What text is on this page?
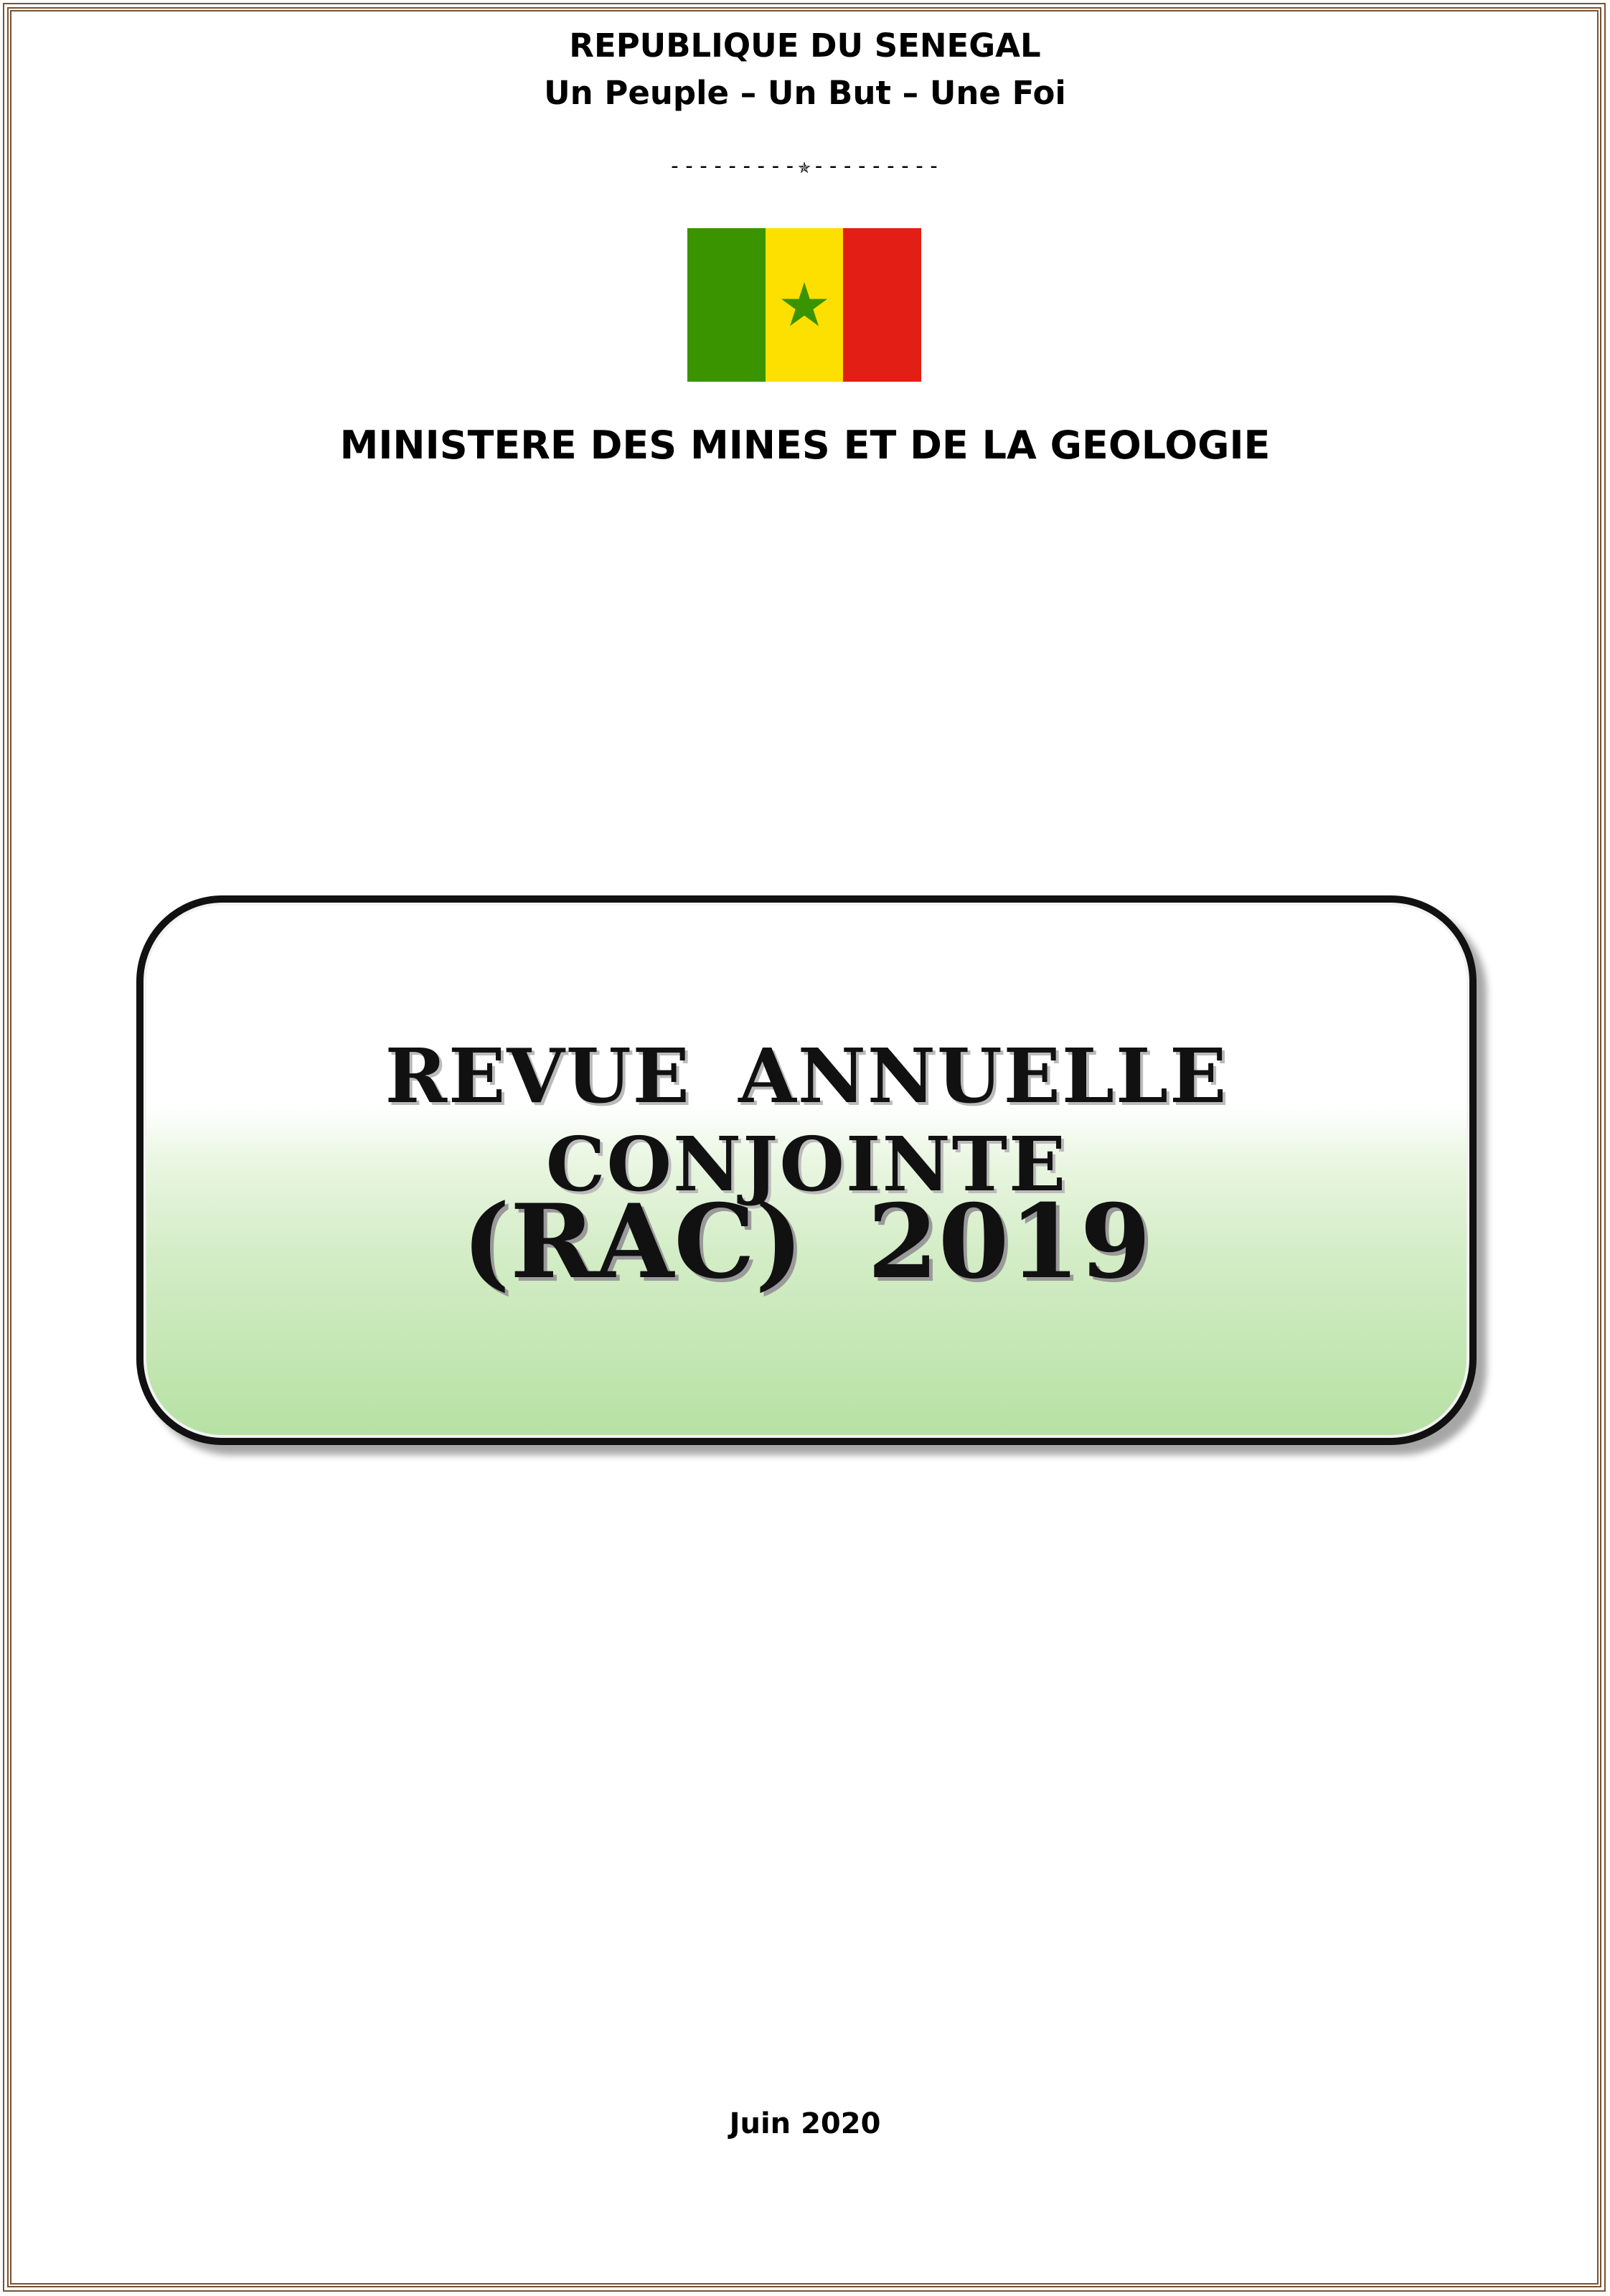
REPUBLIQUE DU SENEGAL
Un Peuple – Un But – Une Foi
---------✯---------
★
MINISTERE DES MINES ET DE LA GEOLOGIE
REVUE ANNUELLE CONJOINTE
(RAC) 2019
Juin 2020
